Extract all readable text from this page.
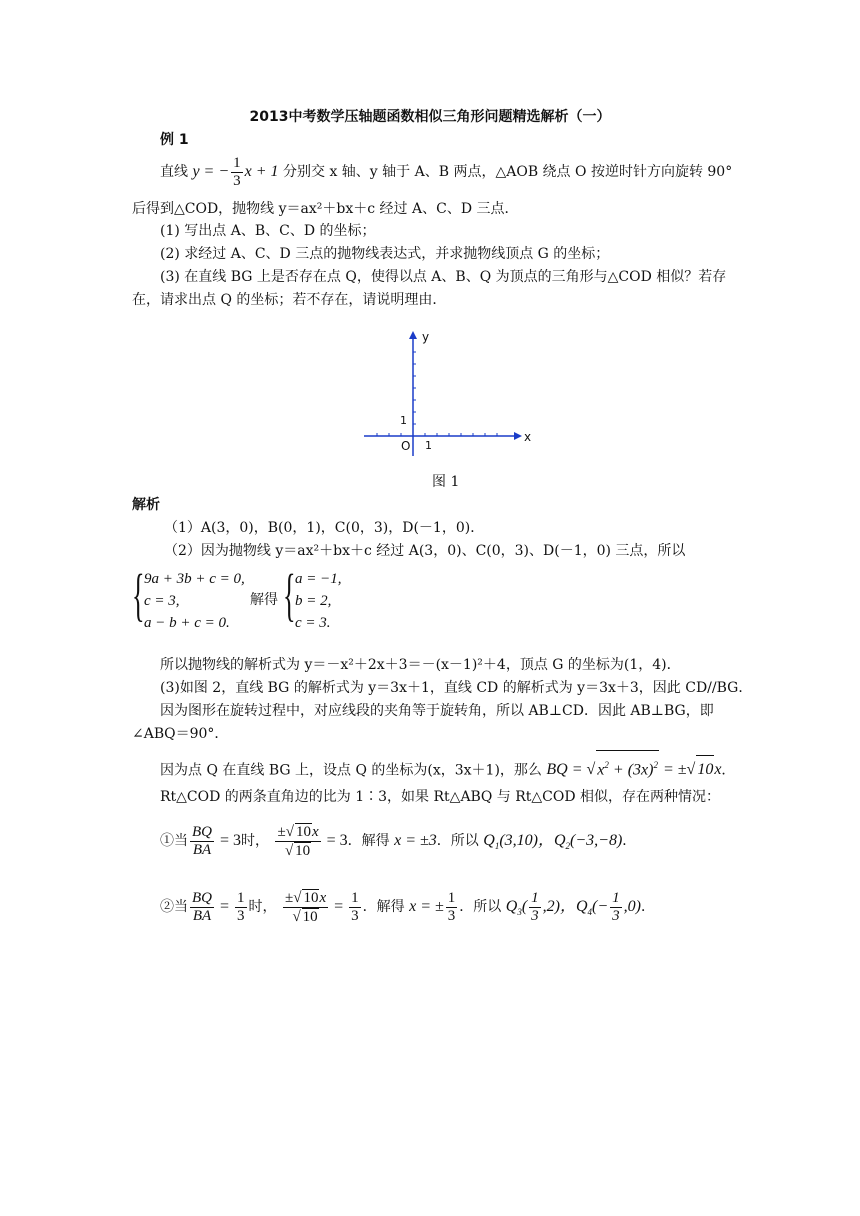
2013中考数学压轴题函数相似三角形问题精选解析（一）
例 1
直线 y = − $\frac{1}{3}$ x + 1 分别交 x 轴、y 轴于 A、B 两点，△AOB 绕点 O 按逆时针方向旋转 90°
后得到△COD，抛物线 y＝ax²＋bx＋c 经过 A、C、D 三点．
(1) 写出点 A、B、C、D 的坐标；
(2) 求经过 A、C、D 三点的抛物线表达式，并求抛物线顶点 G 的坐标；
(3) 在直线 BG 上是否存在点 Q，使得以点 A、B、Q 为顶点的三角形与△COD 相似？若存
在，请求出点 Q 的坐标；若不存在，请说明理由．
y
x
1
1
O
图 1
解析
（1）A(3，0)，B(0，1)，C(0，3)，D(－1，0)．
（2）因为抛物线 y＝ax²＋bx＋c 经过 A(3，0)、C(0，3)、D(－1，0) 三点，所以
{ 9a + 3b + c = 0,
c = 3,
a − b + c = 0.
解得 { a = −1,
b = 2,
c = 3.
所以抛物线的解析式为 y＝－x²＋2x＋3＝－(x－1)²＋4，顶点 G 的坐标为(1，4)．
(3)如图 2，直线 BG 的解析式为 y＝3x＋1，直线 CD 的解析式为 y＝3x＋3，因此 CD//BG．
因为图形在旋转过程中，对应线段的夹角等于旋转角，所以 AB⊥CD．因此 AB⊥BG，即
∠ABQ＝90°．
因为点 Q 在直线 BG 上，设点 Q 的坐标为(x，3x＋1)，那么 BQ = √ $x^2 + (3x)^2$ = ±√ 10x．
Rt△COD 的两条直角边的比为 1∶3，如果 Rt△ABQ 与 Rt△COD 相似，存在两种情况：
①当 $\frac{BQ}{BA} = 3$时， $\frac{\pm√ 10x}{√ 10} = 3$．解得 x = ±3．所以 $Q_1(3,10)$，$Q_2(-3,-8)$．
②当 $\frac{BQ}{BA} = \frac{1}{3}$ 时， $\frac{\pm√ 10x}{√ 10} = \frac{1}{3}$ ．解得 x = ± $\frac{1}{3}$ ．所以 $Q_3( \frac{1}{3} ,2)$，$Q_4(- \frac{1}{3} ,0)$．
